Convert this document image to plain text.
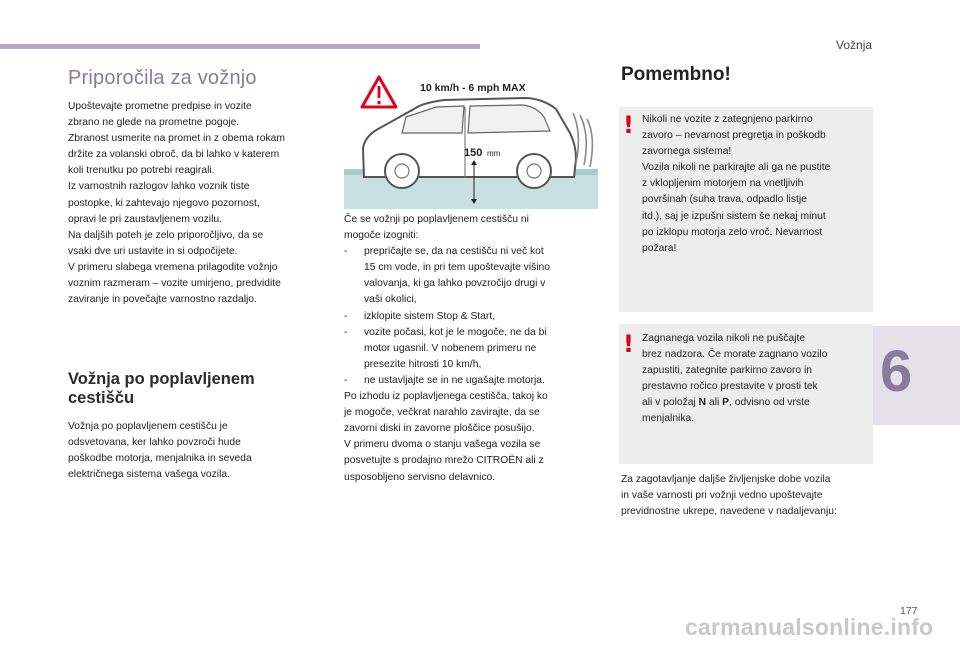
Vožnja
Priporočila za vožnjo

Upoštevajte prometne predpise in vozite
zbrano ne glede na prometne pogoje.
Zbranost usmerite na promet in z obema rokam
držite za volanski obroč, da bi lahko v katerem
koli trenutku po potrebi reagirali.
Iz varnostnih razlogov lahko voznik tiste
postopke, ki zahtevajo njegovo pozornost,
opravi le pri zaustavljenem vozilu.
Na daljših poteh je zelo priporočljivo, da se
vsaki dve uri ustavite in si odpočijete.
V primeru slabega vremena prilagodite vožnjo
voznim razmeram – vozite umirjeno, predvidite
zaviranje in povečajte varnostno razdaljo.

Vožnja po poplavljenem
cestišču

Vožnja po poplavljenem cestišču je
odsvetovana, ker lahko povzroči hude
poškodbe motorja, menjalnika in seveda
električnega sistema vašega vozila.

10 km/h - 6 mph MAX
150 mm
Če se vožnji po poplavljenem cestišču ni
mogoče izogniti:
- prepričajte se, da na cestišču ni več kot
15 cm vode, in pri tem upoštevajte višino
valovanja, ki ga lahko povzročijo drugi v
vaši okolici,
- izklopite sistem Stop & Start,
- vozite počasi, kot je le mogoče, ne da bi
motor ugasnil. V nobenem primeru ne
presezite hitrosti 10 km/h,
- ne ustavljajte se in ne ugašajte motorja.
Po izhodu iz poplavljenega cestišča, takoj ko
je mogoče, večkrat narahlo zavirajte, da se
zavorni diski in zavorne ploščice posušijo.
V primeru dvoma o stanju vašega vozila se
posvetujte s prodajno mrežo CITROËN ali z
usposobljeno servisno delavnico.
Pomembno!
! Nikoli ne vozite z zategnjeno parkirno
zavoro – nevarnost pregretja in poškodb
zavornega sistema!
Vozila nikoli ne parkirajte ali ga ne pustite
z vklopljenim motorjem na vnetljivih
površinah (suha trava, odpadlo listje
itd.), saj je izpušni sistem še nekaj minut
po izklopu motorja zelo vroč. Nevarnost
požara!
! Zagnanega vozila nikoli ne puščajte
brez nadzora. Če morate zagnano vozilo
zapustiti, zategnite parkirno zavoro in
prestavno ročico prestavite v prosti tek
ali v položaj N ali P, odvisno od vrste
menjalnika.

Za zagotavljanje daljše življenjske dobe vozila
in vaše varnosti pri vožnji vedno upoštevajte
previdnostne ukrepe, navedene v nadaljevanju:

6
177
carmanualsonline.info
